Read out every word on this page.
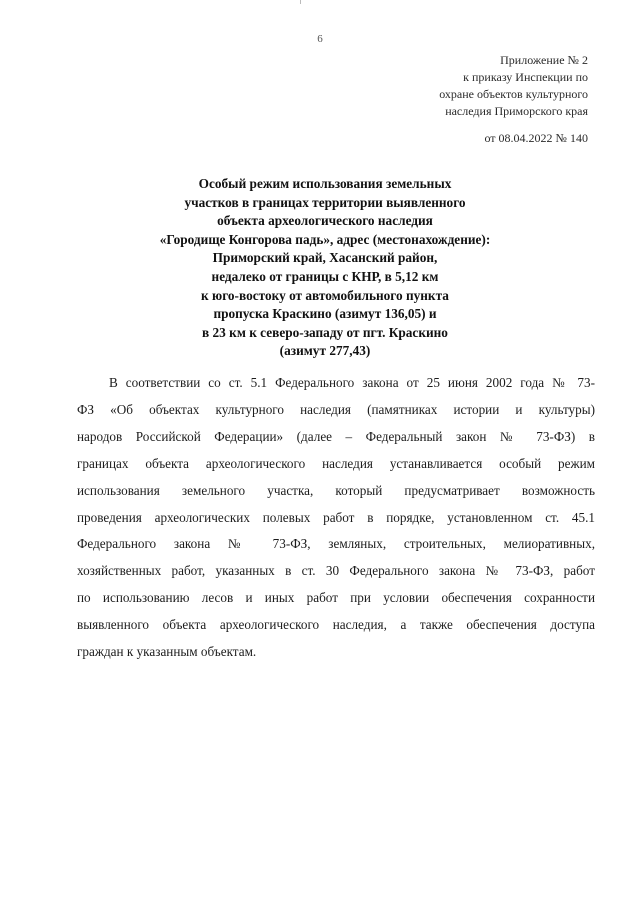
6
Приложение № 2
к приказу Инспекции по
охране объектов культурного
наследия Приморского края
от 08.04.2022 № 140
Особый режим использования земельных
участков в границах территории выявленного
объекта археологического наследия
«Городище Конгорова падь», адрес (местонахождение):
Приморский край, Хасанский район,
недалеко от границы с КНР, в 5,12 км
к юго-востоку от автомобильного пункта
пропуска Краскино (азимут 136,05) и
в 23 км к северо-западу от пгт. Краскино
(азимут 277,43)
В соответствии со ст. 5.1 Федерального закона от 25 июня 2002 года № 73-
ФЗ «Об объектах культурного наследия (памятниках истории и культуры)
народов Российской Федерации» (далее – Федеральный закон № 73-ФЗ) в
границах объекта археологического наследия устанавливается особый режим
использования земельного участка, который предусматривает возможность
проведения археологических полевых работ в порядке, установленном ст. 45.1
Федерального закона № 73-ФЗ, земляных, строительных, мелиоративных,
хозяйственных работ, указанных в ст. 30 Федерального закона № 73-ФЗ, работ
по использованию лесов и иных работ при условии обеспечения сохранности
выявленного объекта археологического наследия, а также обеспечения доступа
граждан к указанным объектам.
